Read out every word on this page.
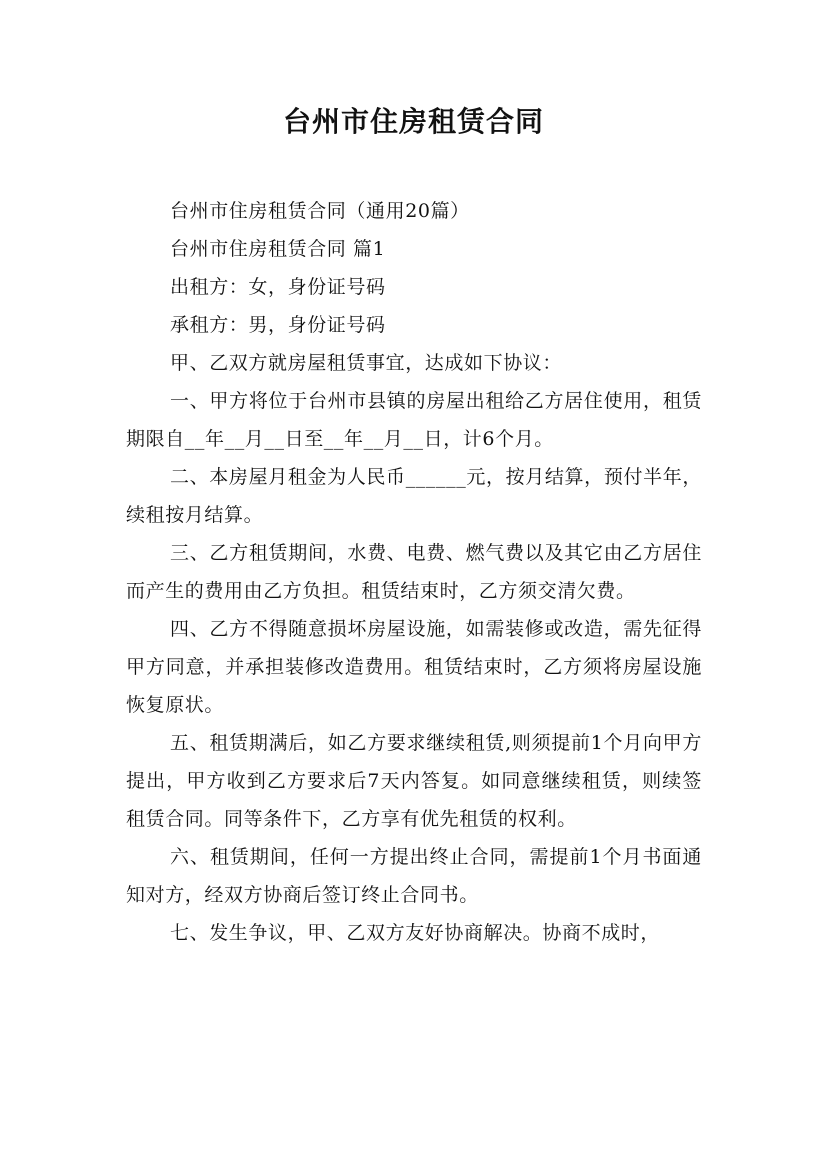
台州市住房租赁合同

台州市住房租赁合同（通用20篇）

台州市住房租赁合同 篇1

出租方：女，身份证号码

承租方：男，身份证号码

甲、乙双方就房屋租赁事宜，达成如下协议：

一、甲方将位于台州市县镇的房屋出租给乙方居住使用，租赁期限自__年__月__日至__年__月__日，计6个月。

二、本房屋月租金为人民币______元，按月结算，预付半年，续租按月结算。

三、乙方租赁期间，水费、电费、燃气费以及其它由乙方居住而产生的费用由乙方负担。租赁结束时，乙方须交清欠费。

四、乙方不得随意损坏房屋设施，如需装修或改造，需先征得甲方同意，并承担装修改造费用。租赁结束时，乙方须将房屋设施恢复原状。

五、租赁期满后，如乙方要求继续租赁,则须提前1个月向甲方提出，甲方收到乙方要求后7天内答复。如同意继续租赁，则续签租赁合同。同等条件下，乙方享有优先租赁的权利。

六、租赁期间，任何一方提出终止合同，需提前1个月书面通知对方，经双方协商后签订终止合同书。

七、发生争议，甲、乙双方友好协商解决。协商不成时，
